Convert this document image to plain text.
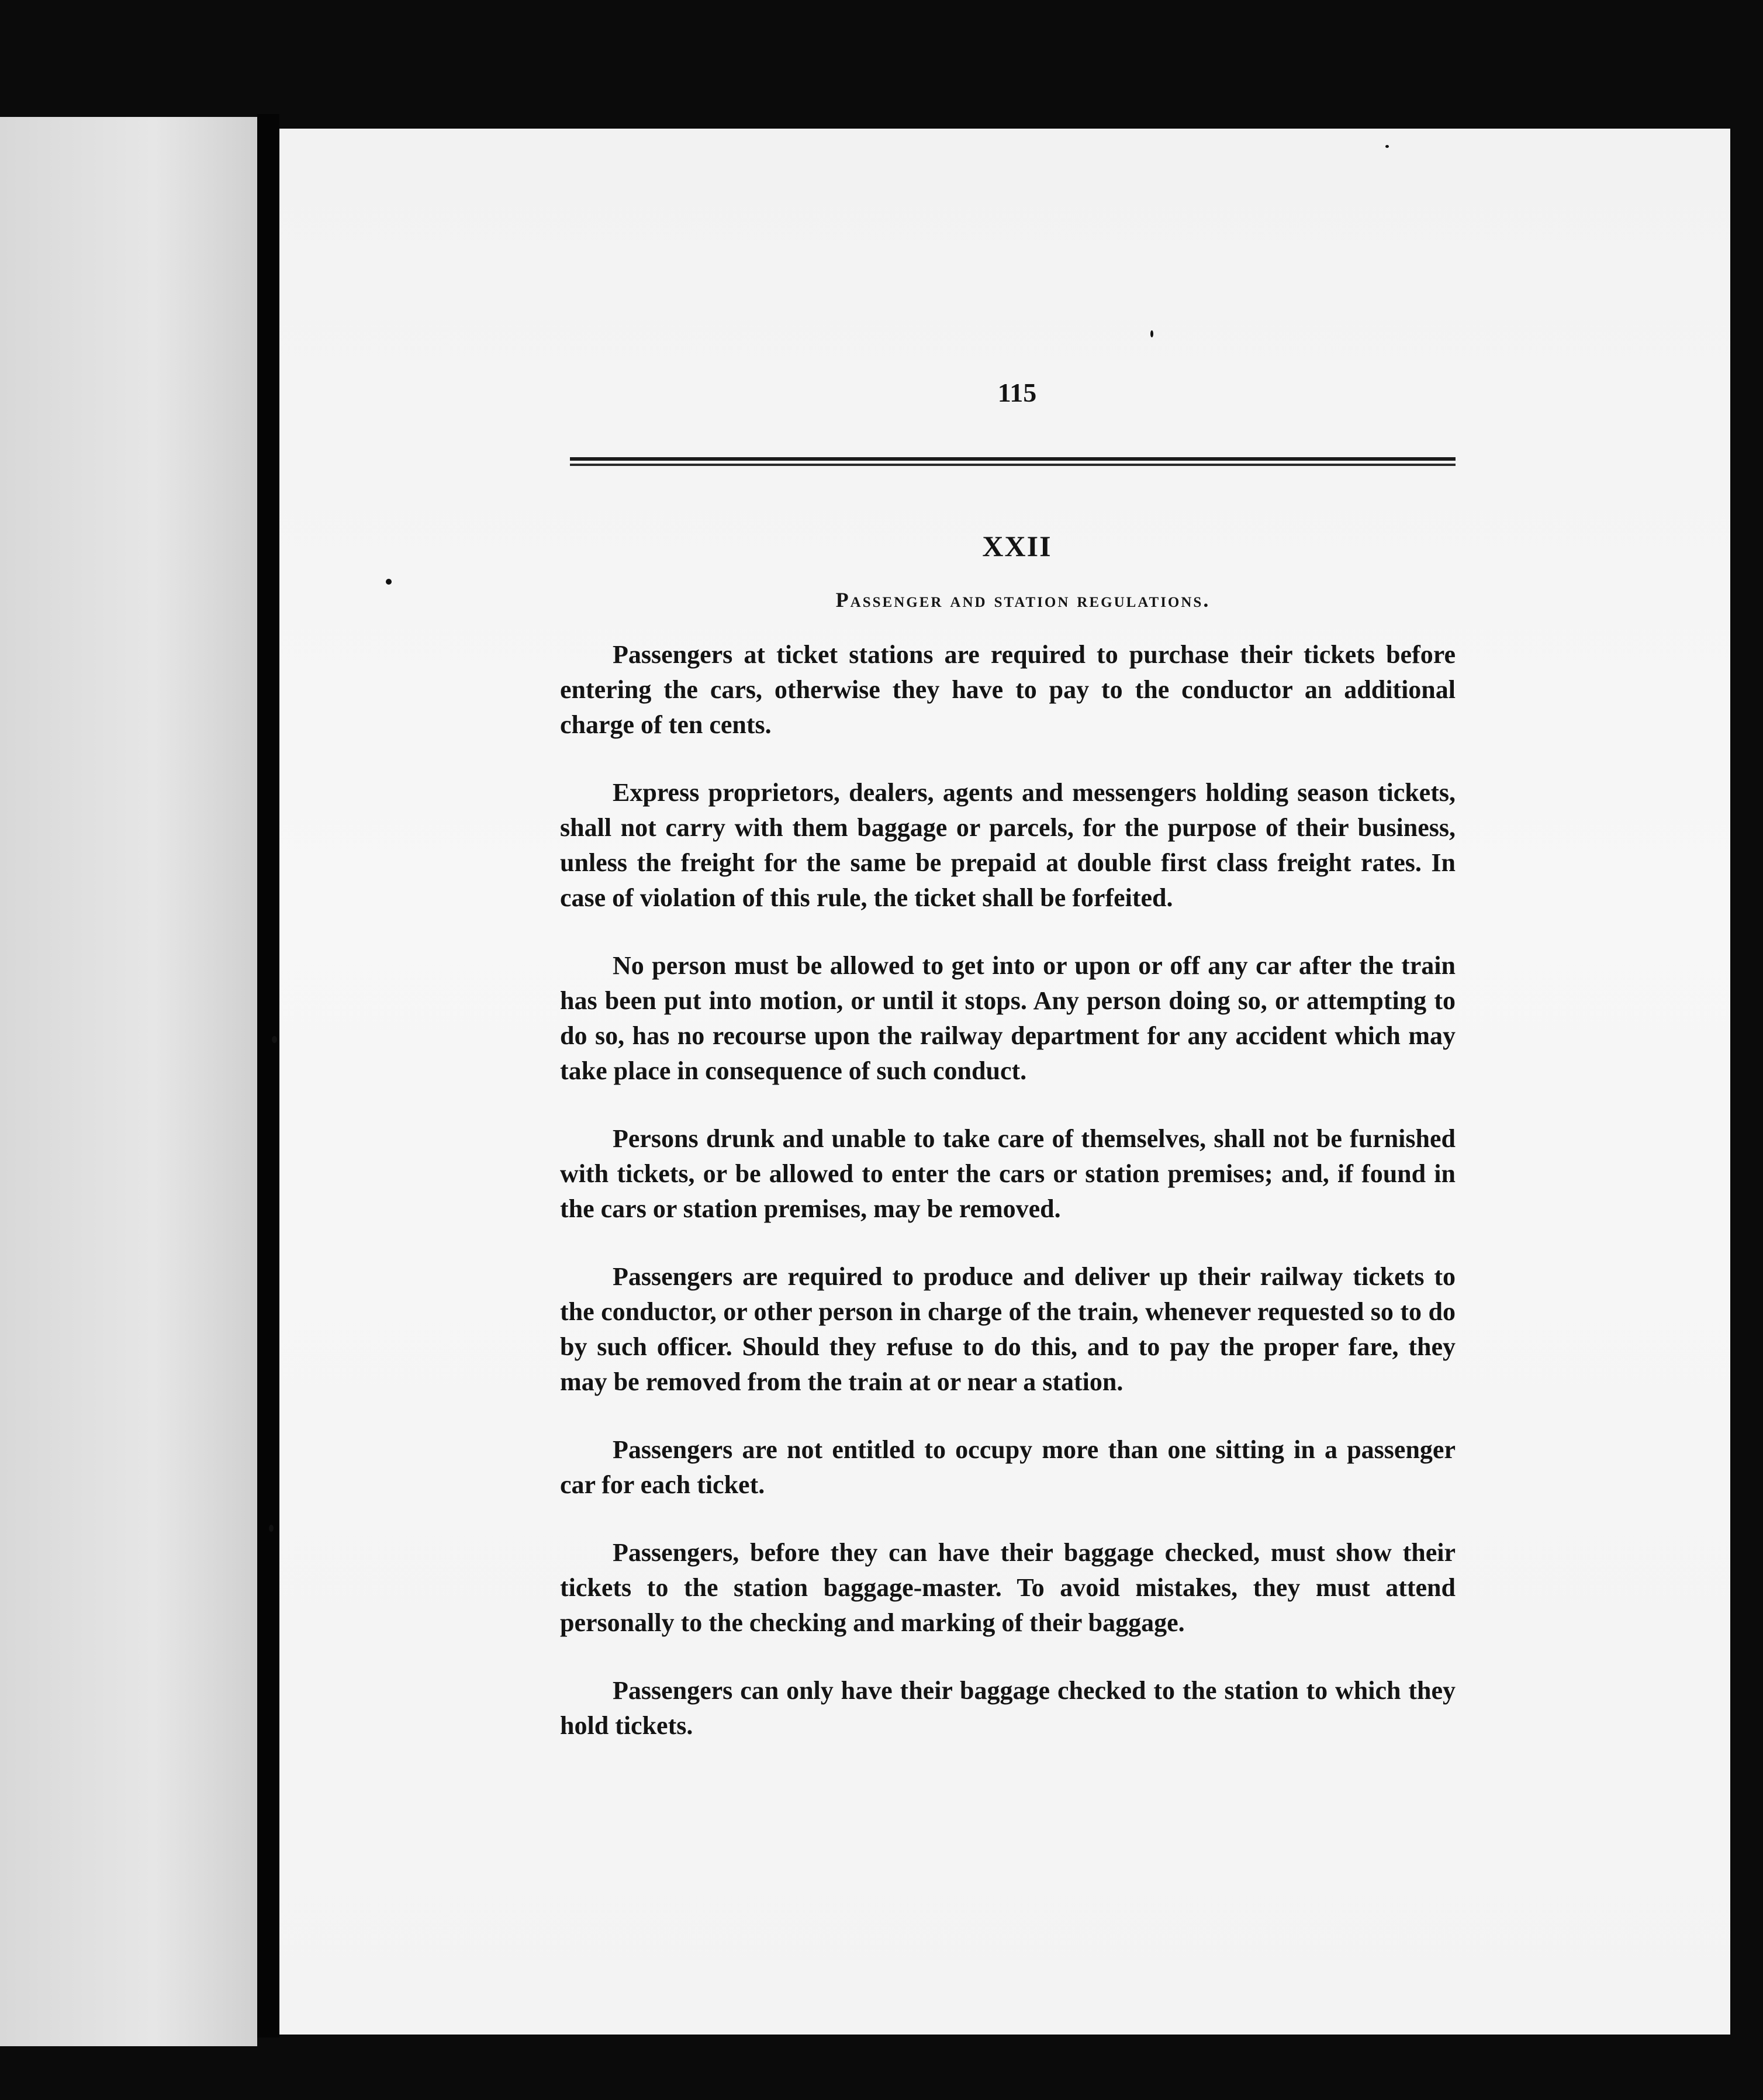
115
XXII
Passenger and station regulations.

Passengers at ticket stations are required to purchase their tickets before entering the cars, otherwise they have to pay to the conductor an additional charge of ten cents.

Express proprietors, dealers, agents and messengers holding season tickets, shall not carry with them baggage or parcels, for the purpose of their business, unless the freight for the same be prepaid at double first class freight rates. In case of violation of this rule, the ticket shall be forfeited.

No person must be allowed to get into or upon or off any car after the train has been put into motion, or until it stops. Any person doing so, or attempting to do so, has no recourse upon the railway department for any accident which may take place in consequence of such conduct.

Persons drunk and unable to take care of themselves, shall not be furnished with tickets, or be allowed to enter the cars or station premises; and, if found in the cars or station premises, may be removed.

Passengers are required to produce and deliver up their railway tickets to the conductor, or other person in charge of the train, whenever requested so to do by such officer. Should they refuse to do this, and to pay the proper fare, they may be removed from the train at or near a station.

Passengers are not entitled to occupy more than one sitting in a passenger car for each ticket.

Passengers, before they can have their baggage checked, must show their tickets to the station baggage-master. To avoid mistakes, they must attend personally to the checking and marking of their baggage.

Passengers can only have their baggage checked to the station to which they hold tickets.
